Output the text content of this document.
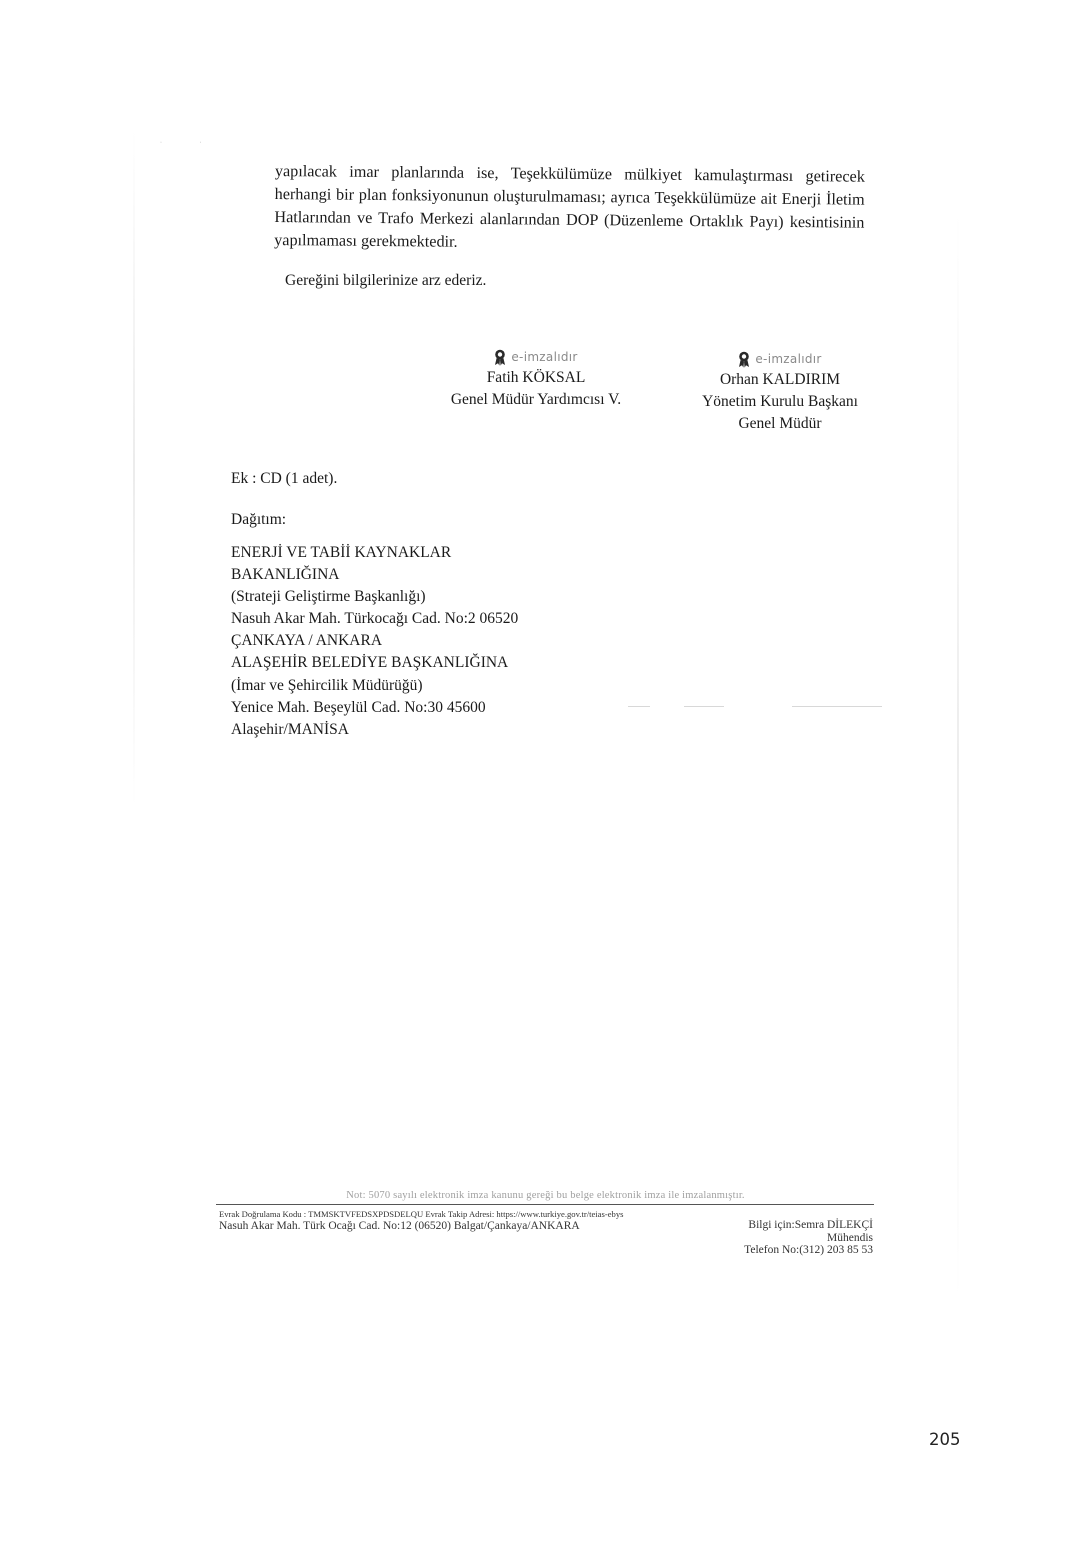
· ·

yapılacak imar planlarında ise, Teşekkülümüze mülkiyet kamulaştırması getirecek herhangi bir plan fonksiyonunun oluşturulmaması; ayrıca Teşekkülümüze ait Enerji İletim Hatlarından ve Trafo Merkezi alanlarından DOP (Düzenleme Ortaklık Payı) kesintisinin yapılmaması gerekmektedir.

Gereğini bilgilerinize arz ederiz.

e-imzalıdır
Fatih KÖKSAL
Genel Müdür Yardımcısı V.
e-imzalıdır
Orhan KALDIRIM
Yönetim Kurulu Başkanı
Genel Müdür

Ek : CD (1 adet).

Dağıtım:

ENERJİ VE TABİİ KAYNAKLAR
BAKANLIĞINA
(Strateji Geliştirme Başkanlığı)
Nasuh Akar Mah. Türkocağı Cad. No:2 06520
ÇANKAYA / ANKARA
ALAŞEHİR BELEDİYE BAŞKANLIĞINA
(İmar ve Şehircilik Müdürüğü)
Yenice Mah. Beşeylül Cad. No:30 45600
Alaşehir/MANİSA
Not: 5070 sayılı elektronik imza kanunu gereği bu belge elektronik imza ile imzalanmıştır.
Evrak Doğrulama Kodu : TMMSKTVFEDSXPDSDELQU Evrak Takip Adresi: https://www.turkiye.gov.tr/teias-ebys
Nasuh Akar Mah. Türk Ocağı Cad. No:12 (06520) Balgat/Çankaya/ANKARA	Bilgi için:Semra DİLEKÇİ
Mühendis
Telefon No:(312) 203 85 53
205
